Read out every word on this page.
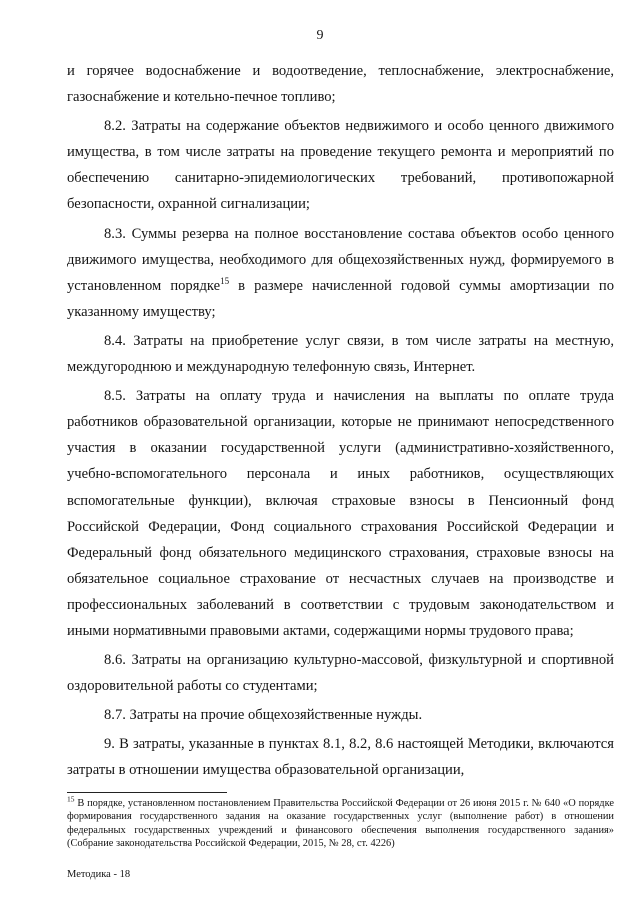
9

и горячее водоснабжение и водоотведение, теплоснабжение, электроснабжение, газоснабжение и котельно-печное топливо;

8.2. Затраты на содержание объектов недвижимого и особо ценного движимого имущества, в том числе затраты на проведение текущего ремонта и мероприятий по обеспечению санитарно-эпидемиологических требований, противопожарной безопасности, охранной сигнализации;

8.3. Суммы резерва на полное восстановление состава объектов особо ценного движимого имущества, необходимого для общехозяйственных нужд, формируемого в установленном порядке$^{15}$ в размере начисленной годовой суммы амортизации по указанному имуществу;

8.4. Затраты на приобретение услуг связи, в том числе затраты на местную, междугороднюю и международную телефонную связь, Интернет.

8.5. Затраты на оплату труда и начисления на выплаты по оплате труда работников образовательной организации, которые не принимают непосредственного участия в оказании государственной услуги (административно-хозяйственного, учебно-вспомогательного персонала и иных работников, осуществляющих вспомогательные функции), включая страховые взносы в Пенсионный фонд Российской Федерации, Фонд социального страхования Российской Федерации и Федеральный фонд обязательного медицинского страхования, страховые взносы на обязательное социальное страхование от несчастных случаев на производстве и профессиональных заболеваний в соответствии с трудовым законодательством и иными нормативными правовыми актами, содержащими нормы трудового права;

8.6. Затраты на организацию культурно-массовой, физкультурной и спортивной оздоровительной работы со студентами;

8.7. Затраты на прочие общехозяйственные нужды.

9. В затраты, указанные в пунктах 8.1, 8.2, 8.6 настоящей Методики, включаются затраты в отношении имущества образовательной организации,

$^{15}$ В порядке, установленном постановлением Правительства Российской Федерации от 26 июня 2015 г. № 640 «О порядке формирования государственного задания на оказание государственных услуг (выполнение работ) в отношении федеральных государственных учреждений и финансового обеспечения выполнения государственного задания» (Собрание законодательства Российской Федерации, 2015, № 28, ст. 4226)
Методика - 18
